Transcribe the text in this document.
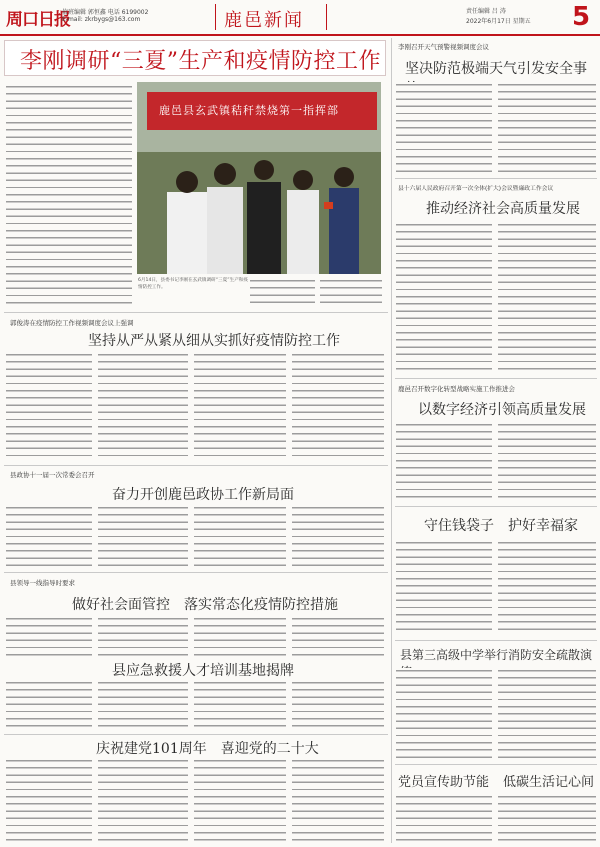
周口日报
值班编辑 郭恒鑫 电话 6199002
E-mail: zkrbygs@163.com	鹿邑新闻	责任编辑 吕 涛
2022年6月17日 星期五 5
李刚调研“三夏”生产和疫情防控工作
鹿邑县玄武镇秸秆禁烧第一指挥部
6月14日，县委书记李刚在玄武镇调研“三夏”生产和疫情防控工作。
郭俊涛在疫情防控工作视频调度会议上强调
坚持从严从紧从细从实抓好疫情防控工作
县政协十一届一次常委会召开
奋力开创鹿邑政协工作新局面
县领导一线指导时要求
做好社会面管控　落实常态化疫情防控措施
县应急救援人才培训基地揭牌
庆祝建党101周年　喜迎党的二十大
李刚召开天气预警视频调度会议
坚决防范极端天气引发安全事
县十六届人民政府召开第一次全体(扩大)会议暨廉政工作会议
推动经济社会高质量发展
鹿邑召开数字化转型战略实施工作推进会
以数字经济引领高质量发展
守住钱袋子 护好幸福家
县第三高级中学举行消防安全疏散演
党员宣传助节能 低碳生活记心间
